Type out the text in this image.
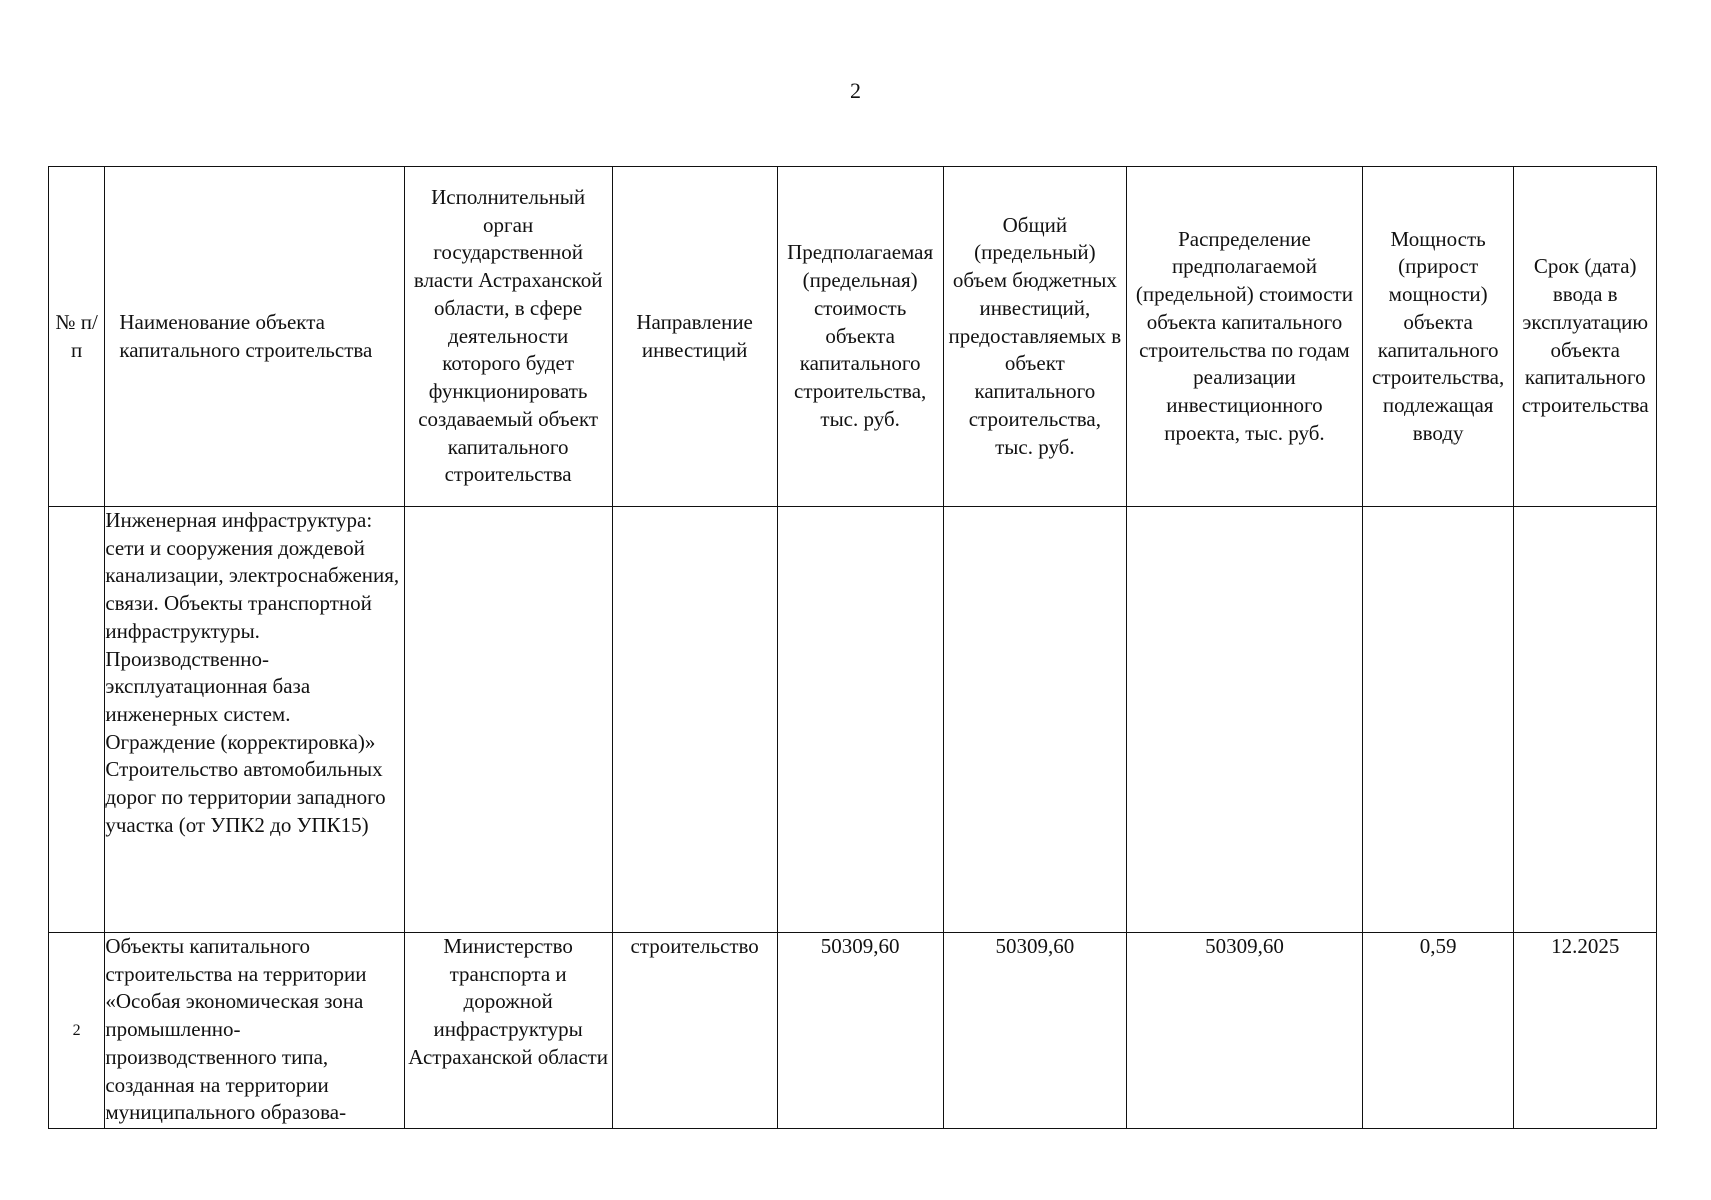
2
№ п/п	Наименование объекта капитального строительства	Исполнительный орган государственной власти Астраханской области, в сфере деятельности которого будет функционировать создаваемый объект капитального строительства	Направление инвестиций	Предполагаемая (предельная) стоимость объекта капитального строительства, тыс. руб.	Общий (предельный) объем бюджетных инвестиций, предоставляемых в объект капитального строительства, тыс. руб.	Распределение предполагаемой (предельной) стоимости объекта капитального строительства по годам реализации инвестиционного проекта, тыс. руб.	Мощность (прирост мощности) объекта капитального строительства, подлежащая вводу	Срок (дата) ввода в эксплуатацию объекта капитального строительства
	Инженерная инфраструктура: сети и сооружения дождевой канализации, электроснабжения, связи. Объекты транспортной инфраструктуры. Производственно-эксплуатационная база инженерных систем. Ограждение (корректировка)» Строительство автомобильных дорог по территории западного участка (от УПК2 до УПК15)							
2	Объекты капитального строительства на территории «Особая экономическая зона промышленно-производственного типа, созданная на территории муниципального образова-	Министерство транспорта и дорожной инфраструктуры Астраханской области	строительство	50309,60	50309,60	50309,60	0,59	12.2025
